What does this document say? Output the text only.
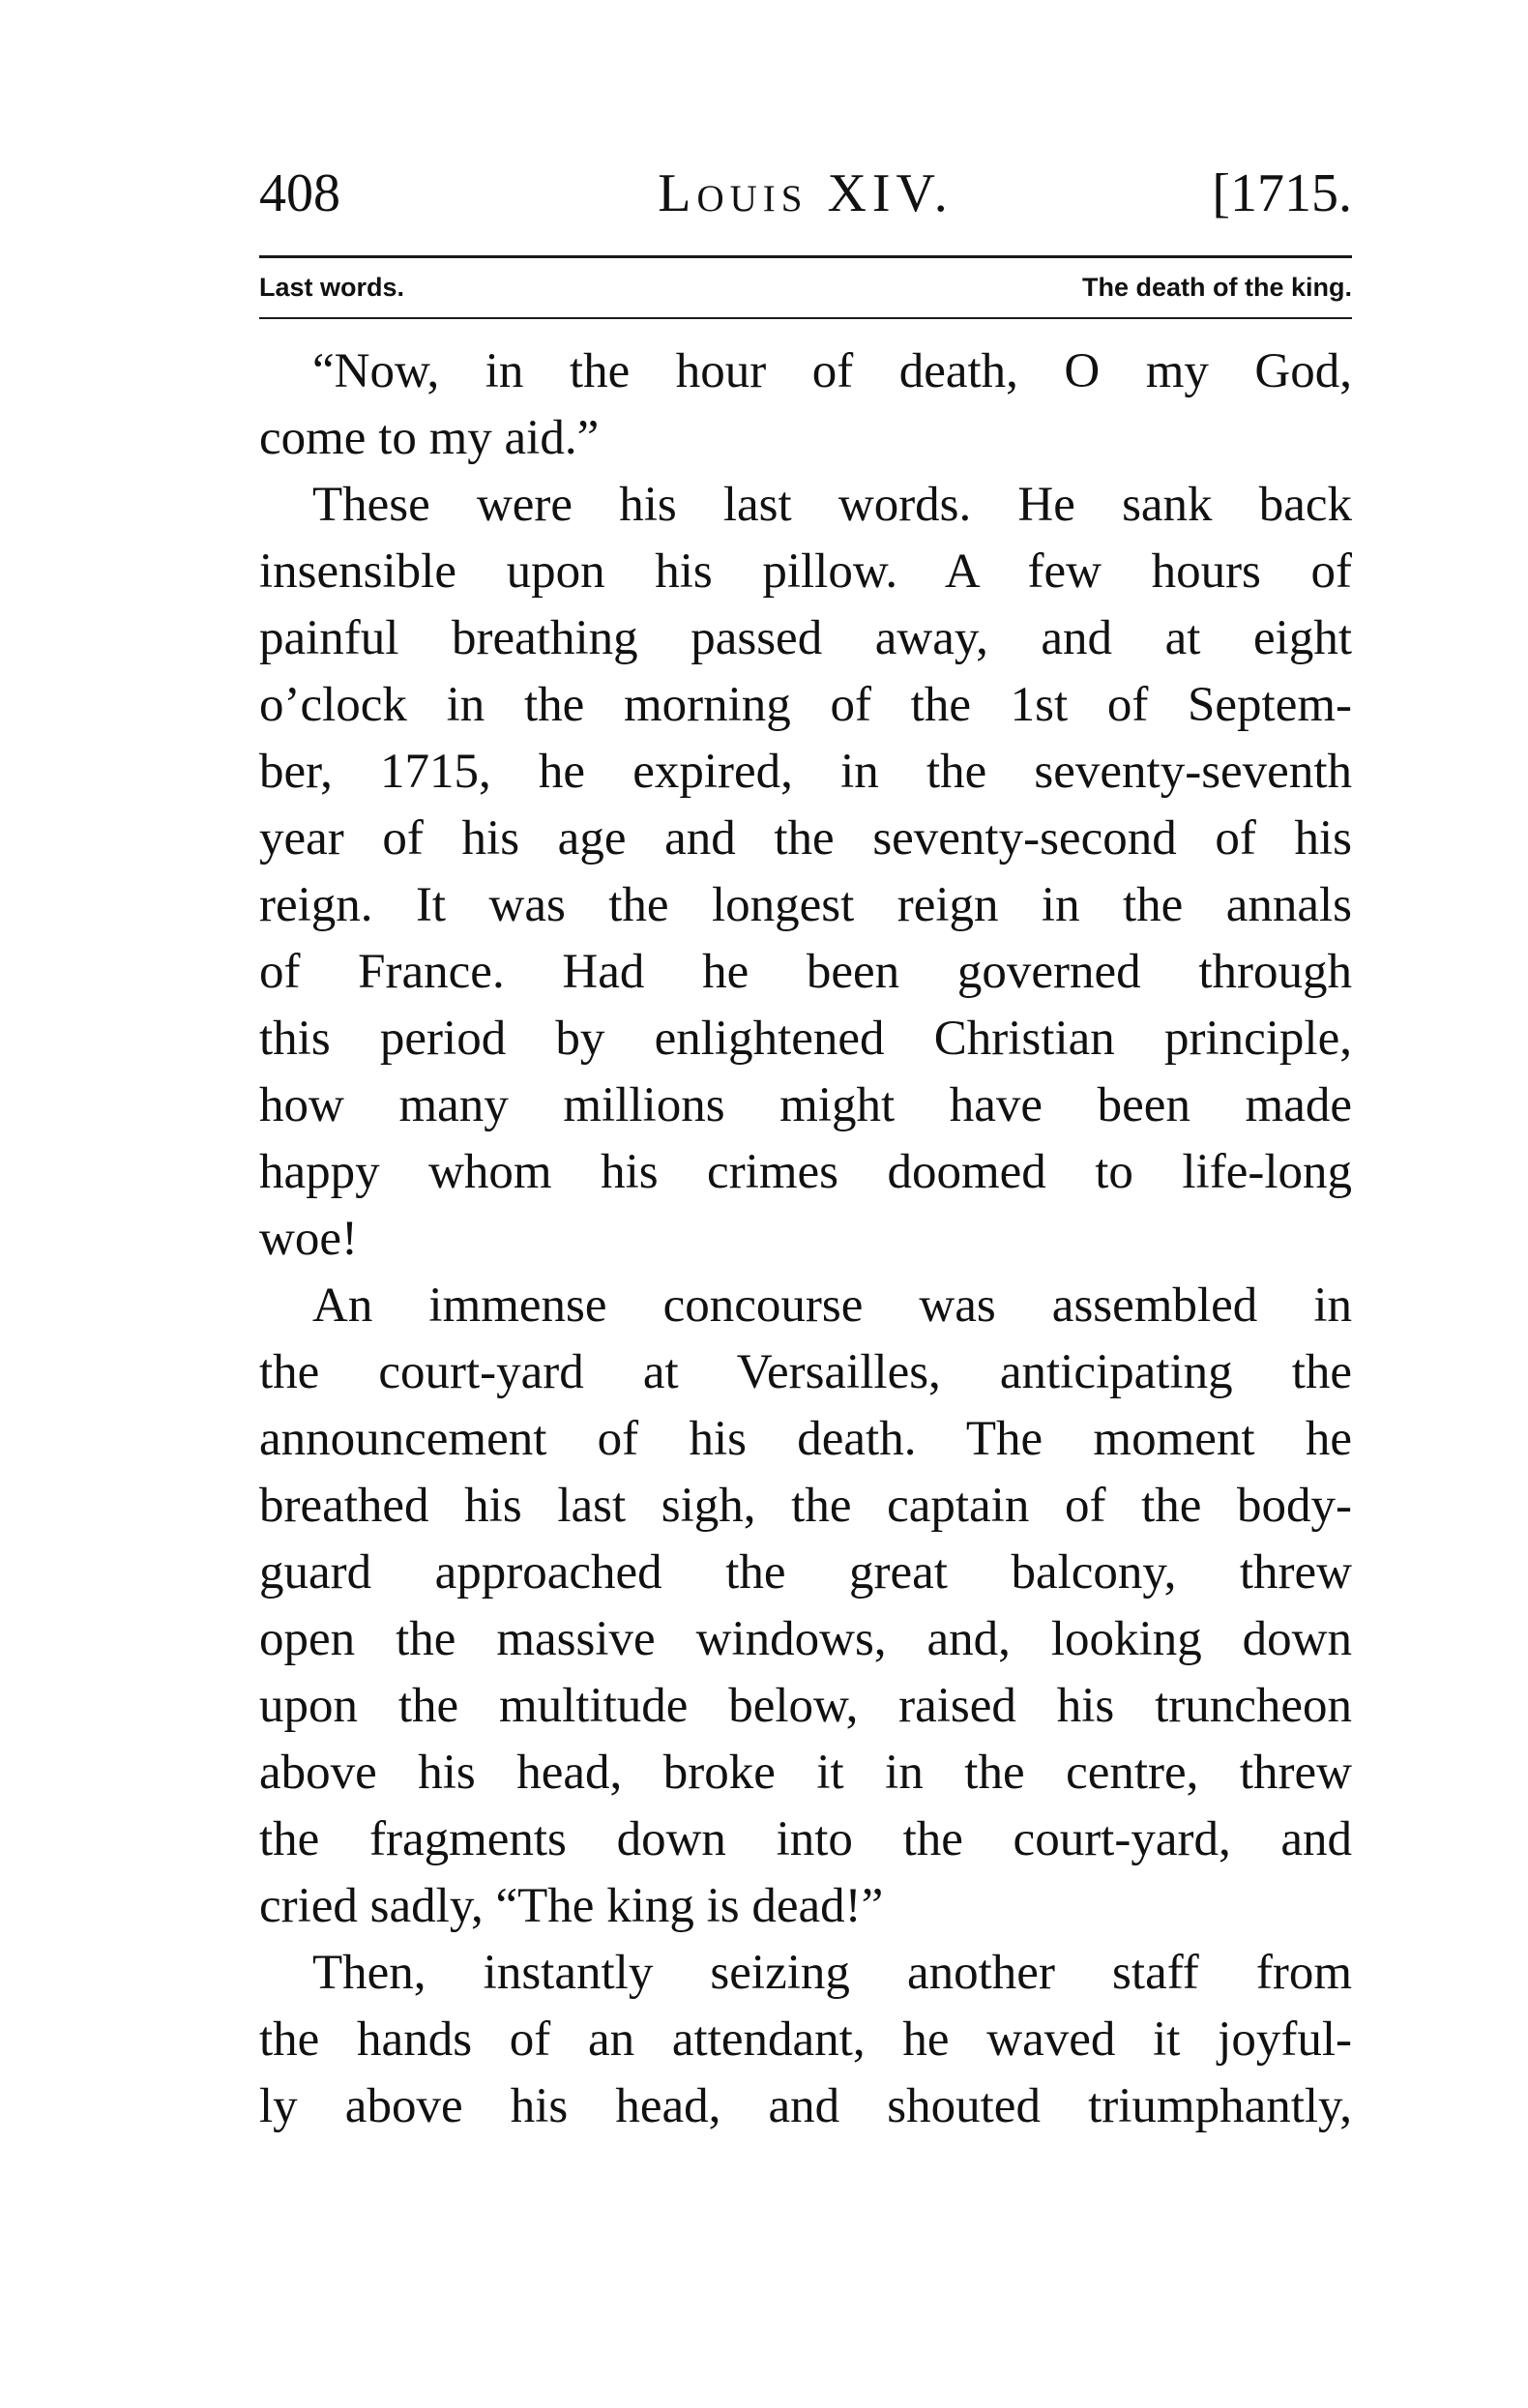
408	Louis XIV.	[1715.
Last words.	The death of the king.
“Now, in the hour of death, O my God,
come to my aid.”
These were his last words. He sank back
insensible upon his pillow. A few hours of
painful breathing passed away, and at eight
o’clock in the morning of the 1st of Septem-
ber, 1715, he expired, in the seventy-seventh
year of his age and the seventy-second of his
reign. It was the longest reign in the annals
of France. Had he been governed through
this period by enlightened Christian principle,
how many millions might have been made
happy whom his crimes doomed to life-long
woe!
An immense concourse was assembled in
the court-yard at Versailles, anticipating the
announcement of his death. The moment he
breathed his last sigh, the captain of the body-
guard approached the great balcony, threw
open the massive windows, and, looking down
upon the multitude below, raised his truncheon
above his head, broke it in the centre, threw
the fragments down into the court-yard, and
cried sadly, “The king is dead!”
Then, instantly seizing another staff from
the hands of an attendant, he waved it joyful-
ly above his head, and shouted triumphantly,
